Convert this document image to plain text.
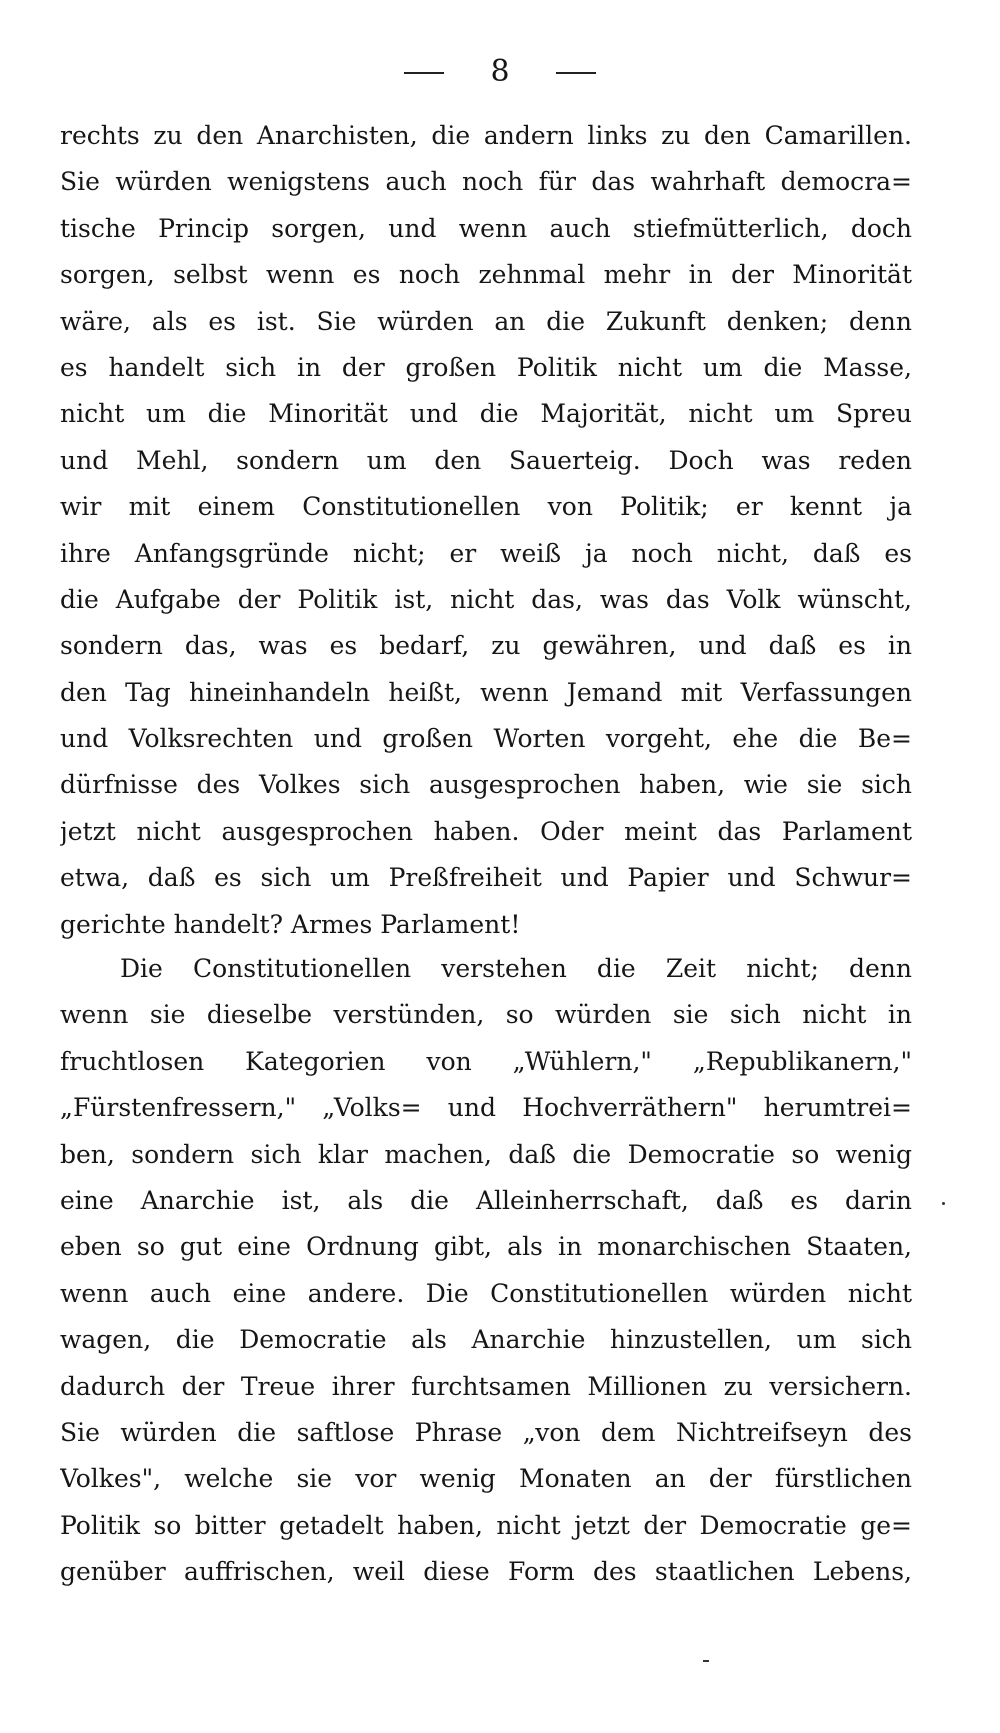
8
rechts zu den Anarchisten, die andern links zu den Camarillen.
Sie würden wenigstens auch noch für das wahrhaft democra=
tische Princip sorgen, und wenn auch stiefmütterlich, doch
sorgen, selbst wenn es noch zehnmal mehr in der Minorität
wäre, als es ist. Sie würden an die Zukunft denken; denn
es handelt sich in der großen Politik nicht um die Masse,
nicht um die Minorität und die Majorität, nicht um Spreu
und Mehl, sondern um den Sauerteig. Doch was reden
wir mit einem Constitutionellen von Politik; er kennt ja
ihre Anfangsgründe nicht; er weiß ja noch nicht, daß es
die Aufgabe der Politik ist, nicht das, was das Volk wünscht,
sondern das, was es bedarf, zu gewähren, und daß es in
den Tag hineinhandeln heißt, wenn Jemand mit Verfassungen
und Volksrechten und großen Worten vorgeht, ehe die Be=
dürfnisse des Volkes sich ausgesprochen haben, wie sie sich
jetzt nicht ausgesprochen haben. Oder meint das Parlament
etwa, daß es sich um Preßfreiheit und Papier und Schwur=
gerichte handelt? Armes Parlament!
Die Constitutionellen verstehen die Zeit nicht; denn
wenn sie dieselbe verstünden, so würden sie sich nicht in
fruchtlosen Kategorien von „Wühlern," „Republikanern,"
„Fürstenfressern," „Volks= und Hochverräthern" herumtrei=
ben, sondern sich klar machen, daß die Democratie so wenig
eine Anarchie ist, als die Alleinherrschaft, daß es darin
eben so gut eine Ordnung gibt, als in monarchischen Staaten,
wenn auch eine andere. Die Constitutionellen würden nicht
wagen, die Democratie als Anarchie hinzustellen, um sich
dadurch der Treue ihrer furchtsamen Millionen zu versichern.
Sie würden die saftlose Phrase „von dem Nichtreifseyn des
Volkes", welche sie vor wenig Monaten an der fürstlichen
Politik so bitter getadelt haben, nicht jetzt der Democratie ge=
genüber auffrischen, weil diese Form des staatlichen Lebens,
